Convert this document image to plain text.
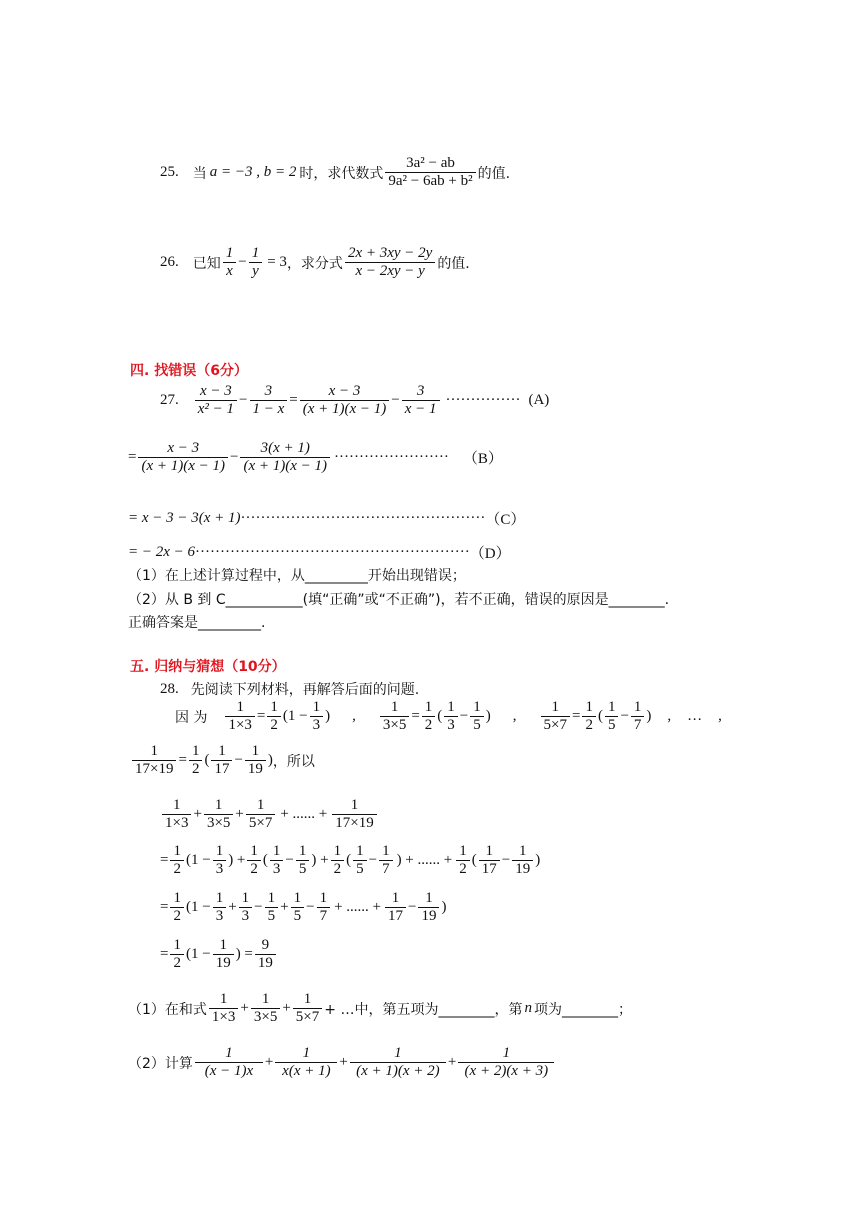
25. 当 a = −3 , b = 2 时，求代数式 $\frac{\text{3a² − ab}}{\text{9a² − 6ab + b²}}$ 的值.
26. 已知 $\frac{1}{x} - \frac{1}{y} = 3$ ，求分式 $\frac{2x + 3xy - 2y}{x - 2xy - y}$ 的值.
四. 找错误（6分）
27. $\frac{x - 3}{\text{x² − 1}} - \frac{3}{1 - x} = \frac{x - 3}{(x + 1)(x - 1)} - \frac{3}{x - 1}$ ··············· (A)
= $\frac{x - 3}{(x + 1)(x - 1)} - \frac{3(x + 1)}{(x + 1)(x - 1)}$ ······················· （B）
= x − 3 − 3(x + 1) ················································· （C）
= − 2x − 6 ······················································· （D）
（1）在上述计算过程中，从_________开始出现错误；
（2）从 B 到 C___________(填“正确”或“不正确”)，若不正确，错误的原因是________.
正确答案是_________.
五. 归纳与猜想（10分）
28. 先阅读下列材料，再解答后面的问题.
因 为 $\frac{1}{1\times 3} = \frac{1}{2} (1 - \frac{1}{3}$ ) , $\frac{1}{3\times 5} = \frac{1}{2}$ ( $\frac{1}{3} - \frac{1}{5}$ ) , $\frac{1}{5\times 7} = \frac{1}{2}$ ( $\frac{1}{5} - \frac{1}{7}$ ) , … ,
$\frac{1}{17\times 19} = \frac{1}{2}$ ( $\frac{1}{17} - \frac{1}{19}$ ) ，所以
$\frac{1}{1\times 3} + \frac{1}{3\times 5} + \frac{1}{5\times 7}$ + ...... + $\frac{1}{17\times 19}$
= $\frac{1}{2} (1 - \frac{1}{3}$ ) + $\frac{1}{2}$ ( $\frac{1}{3} - \frac{1}{5}$ ) + $\frac{1}{2}$ ( $\frac{1}{5} - \frac{1}{7}$ ) + ...... + $\frac{1}{2}$ ( $\frac{1}{17} - \frac{1}{19}$ )
= $\frac{1}{2} (1 - \frac{1}{3} + \frac{1}{3} - \frac{1}{5} + \frac{1}{5} - \frac{1}{7}$ + ...... + $\frac{1}{17} - \frac{1}{19}$ )
= $\frac{1}{2} (1 - \frac{1}{19}$ ) = $\frac{9}{19}$
（1）在和式 $\frac{1}{1\times 3} + \frac{1}{3\times 5} + \frac{1}{5\times 7}$ + …中，第五项为________，第 n 项为________；
（2）计算 $\frac{1}{(x - 1)x} + \frac{1}{x(x + 1)} + \frac{1}{(x + 1)(x + 2)} + \frac{1}{(x + 2)(x + 3)}$
